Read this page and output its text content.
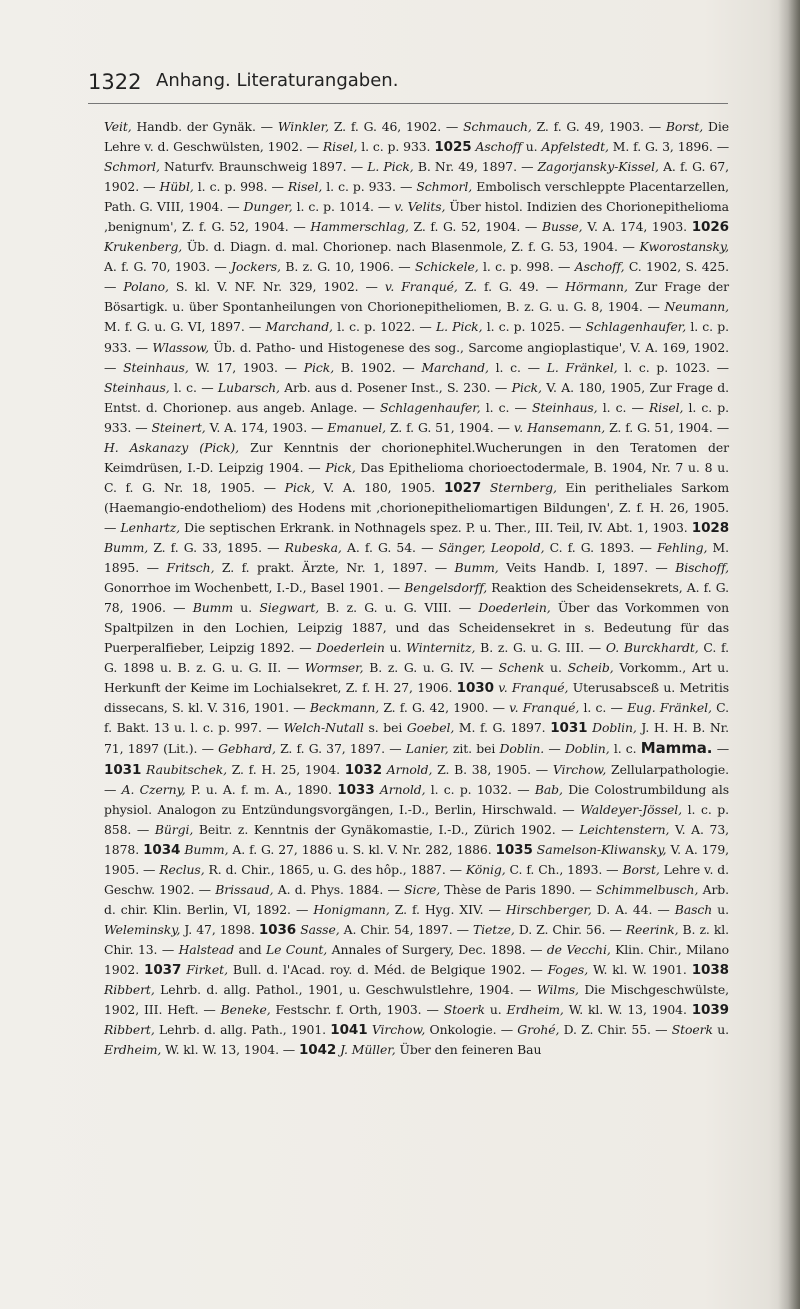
1322 Anhang. Literaturangaben.

Veit, Handb. der Gynäk. — Winkler, Z. f. G. 46, 1902. — Schmauch, Z. f. G. 49, 1903. — Borst, Die Lehre v. d. Geschwülsten, 1902. — Risel, l. c. p. 933. 1025 Aschoff u. Apfelstedt, M. f. G. 3, 1896. — Schmorl, Naturfv. Braunschweig 1897. — L. Pick, B. Nr. 49, 1897. — Zagorjansky-Kissel, A. f. G. 67, 1902. — Hübl, l. c. p. 998. — Risel, l. c. p. 933. — Schmorl, Embolisch verschleppte Placentarzellen, Path. G. VIII, 1904. — Dunger, l. c. p. 1014. — v. Velits, Über histol. Indizien des Chorionepithelioma ‚benignum', Z. f. G. 52, 1904. — Hammerschlag, Z. f. G. 52, 1904. — Busse, V. A. 174, 1903. 1026 Krukenberg, Üb. d. Diagn. d. mal. Chorionep. nach Blasenmole, Z. f. G. 53, 1904. — Kworostansky, A. f. G. 70, 1903. — Jockers, B. z. G. 10, 1906. — Schickele, l. c. p. 998. — Aschoff, C. 1902, S. 425. — Polano, S. kl. V. NF. Nr. 329, 1902. — v. Franqué, Z. f. G. 49. — Hörmann, Zur Frage der Bösartigk. u. über Spontanheilungen von Chorionepitheliomen, B. z. G. u. G. 8, 1904. — Neumann, M. f. G. u. G. VI, 1897. — Marchand, l. c. p. 1022. — L. Pick, l. c. p. 1025. — Schlagenhaufer, l. c. p. 933. — Wlassow, Üb. d. Patho- und Histogenese des sog., Sarcome angioplastique', V. A. 169, 1902. — Steinhaus, W. 17, 1903. — Pick, B. 1902. — Marchand, l. c. — L. Fränkel, l. c. p. 1023. — Steinhaus, l. c. — Lubarsch, Arb. aus d. Posener Inst., S. 230. — Pick, V. A. 180, 1905, Zur Frage d. Entst. d. Chorionep. aus angeb. Anlage. — Schlagenhaufer, l. c. — Steinhaus, l. c. — Risel, l. c. p. 933. — Steinert, V. A. 174, 1903. — Emanuel, Z. f. G. 51, 1904. — v. Hansemann, Z. f. G. 51, 1904. — H. Askanazy (Pick), Zur Kenntnis der chorionephitel.Wucherungen in den Teratomen der Keimdrüsen, I.-D. Leipzig 1904. — Pick, Das Epithelioma chorioectodermale, B. 1904, Nr. 7 u. 8 u. C. f. G. Nr. 18, 1905. — Pick, V. A. 180, 1905. 1027 Sternberg, Ein peritheliales Sarkom (Haemangio-endotheliom) des Hodens mit ‚chorionepitheliomartigen Bildungen', Z. f. H. 26, 1905. — Lenhartz, Die septischen Erkrank. in Nothnagels spez. P. u. Ther., III. Teil, IV. Abt. 1, 1903. 1028 Bumm, Z. f. G. 33, 1895. — Rubeska, A. f. G. 54. — Sänger, Leopold, C. f. G. 1893. — Fehling, M. 1895. — Fritsch, Z. f. prakt. Ärzte, Nr. 1, 1897. — Bumm, Veits Handb. I, 1897. — Bischoff, Gonorrhoe im Wochenbett, I.-D., Basel 1901. — Bengelsdorff, Reaktion des Scheidensekrets, A. f. G. 78, 1906. — Bumm u. Siegwart, B. z. G. u. G. VIII. — Doederlein, Über das Vorkommen von Spaltpilzen in den Lochien, Leipzig 1887, und das Scheidensekret in s. Bedeutung für das Puerperalfieber, Leipzig 1892. — Doederlein u. Winternitz, B. z. G. u. G. III. — O. Burckhardt, C. f. G. 1898 u. B. z. G. u. G. II. — Wormser, B. z. G. u. G. IV. — Schenk u. Scheib, Vorkomm., Art u. Herkunft der Keime im Lochialsekret, Z. f. H. 27, 1906. 1030 v. Franqué, Uterusabsceß u. Metritis dissecans, S. kl. V. 316, 1901. — Beckmann, Z. f. G. 42, 1900. — v. Franqué, l. c. — Eug. Fränkel, C. f. Bakt. 13 u. l. c. p. 997. — Welch-Nutall s. bei Goebel, M. f. G. 1897. 1031 Doblin, J. H. H. B. Nr. 71, 1897 (Lit.). — Gebhard, Z. f. G. 37, 1897. — Lanier, zit. bei Doblin. — Doblin, l. c. Mamma. — 1031 Raubitschek, Z. f. H. 25, 1904. 1032 Arnold, Z. B. 38, 1905. — Virchow, Zellularpathologie. — A. Czerny, P. u. A. f. m. A., 1890. 1033 Arnold, l. c. p. 1032. — Bab, Die Colostrumbildung als physiol. Analogon zu Entzündungsvorgängen, I.-D., Berlin, Hirschwald. — Waldeyer-Jössel, l. c. p. 858. — Bürgi, Beitr. z. Kenntnis der Gynäkomastie, I.-D., Zürich 1902. — Leichtenstern, V. A. 73, 1878. 1034 Bumm, A. f. G. 27, 1886 u. S. kl. V. Nr. 282, 1886. 1035 Samelson-Kliwansky, V. A. 179, 1905. — Reclus, R. d. Chir., 1865, u. G. des hôp., 1887. — König, C. f. Ch., 1893. — Borst, Lehre v. d. Geschw. 1902. — Brissaud, A. d. Phys. 1884. — Sicre, Thèse de Paris 1890. — Schimmelbusch, Arb. d. chir. Klin. Berlin, VI, 1892. — Honigmann, Z. f. Hyg. XIV. — Hirschberger, D. A. 44. — Basch u. Weleminsky, J. 47, 1898. 1036 Sasse, A. Chir. 54, 1897. — Tietze, D. Z. Chir. 56. — Reerink, B. z. kl. Chir. 13. — Halstead and Le Count, Annales of Surgery, Dec. 1898. — de Vecchi, Klin. Chir., Milano 1902. 1037 Firket, Bull. d. l'Acad. roy. d. Méd. de Belgique 1902. — Foges, W. kl. W. 1901. 1038 Ribbert, Lehrb. d. allg. Pathol., 1901, u. Geschwulstlehre, 1904. — Wilms, Die Mischgeschwülste, 1902, III. Heft. — Beneke, Festschr. f. Orth, 1903. — Stoerk u. Erdheim, W. kl. W. 13, 1904. 1039 Ribbert, Lehrb. d. allg. Path., 1901. 1041 Virchow, Onkologie. — Grohé, D. Z. Chir. 55. — Stoerk u. Erdheim, W. kl. W. 13, 1904. — 1042 J. Müller, Über den feineren Bau
